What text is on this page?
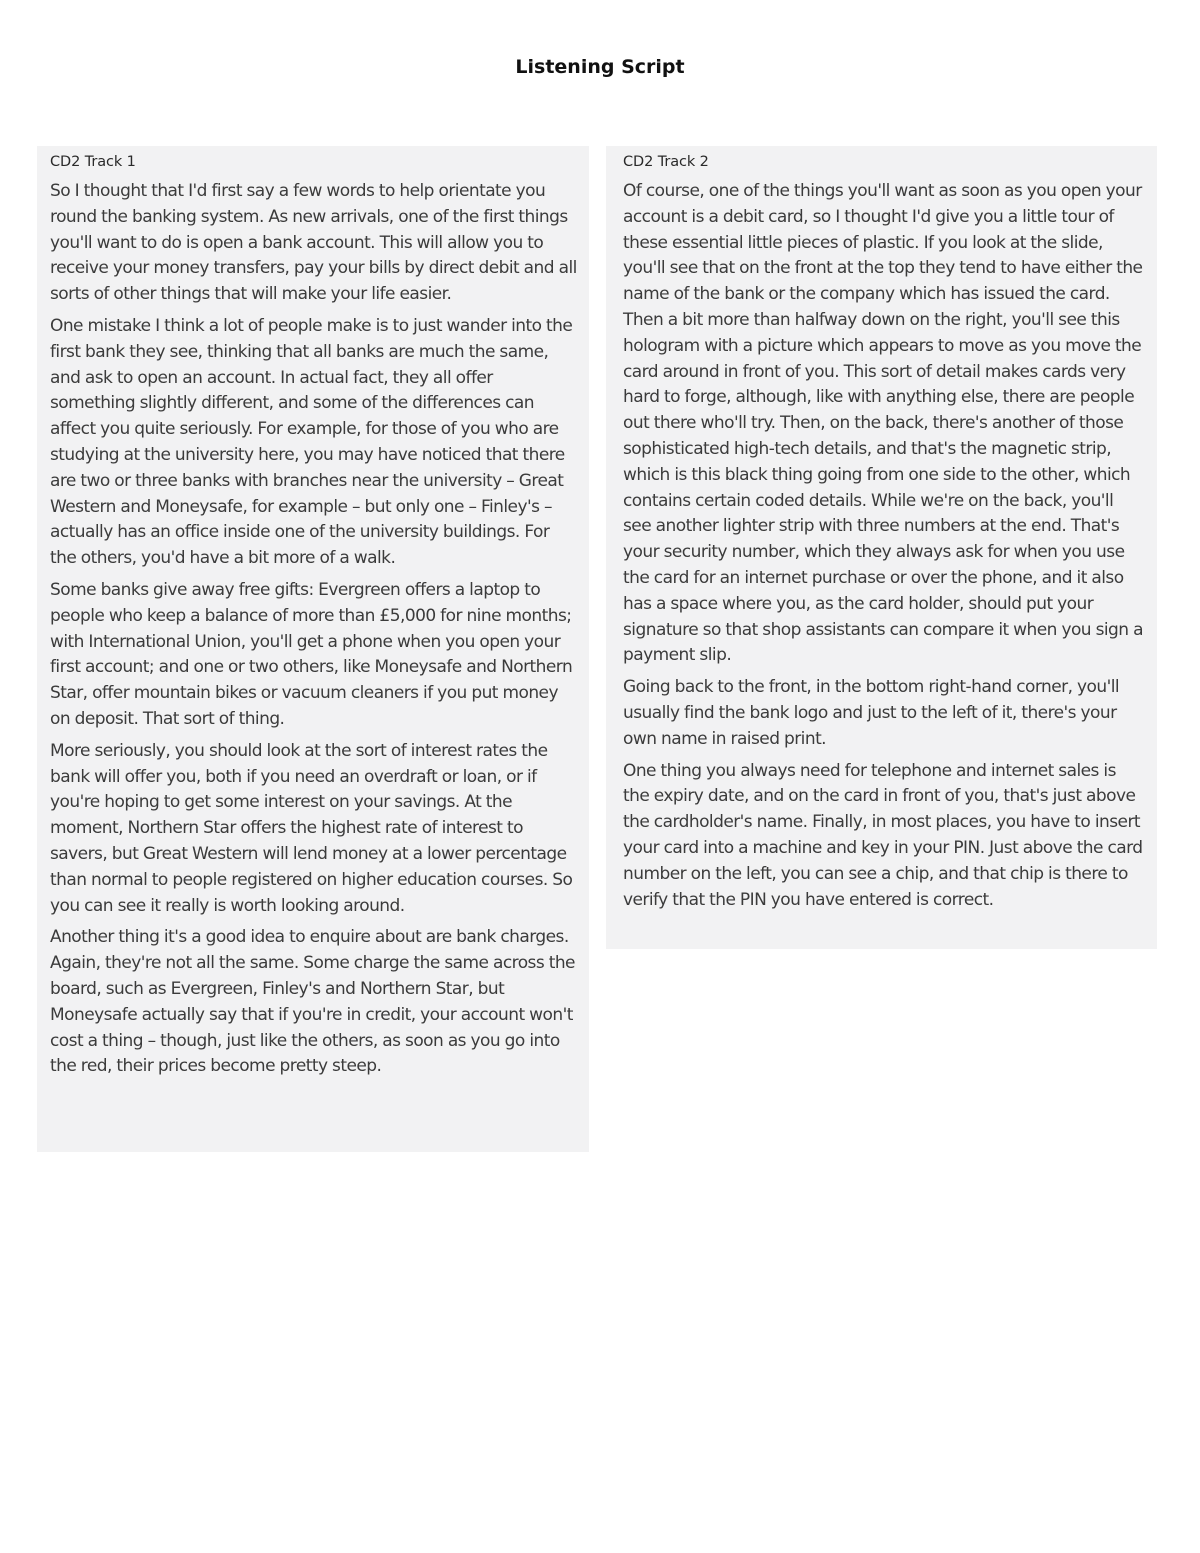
Listening Script
CD2 Track 1

So I thought that I'd first say a few words to help orientate you round the banking system. As new arrivals, one of the first things you'll want to do is open a bank account. This will allow you to receive your money transfers, pay your bills by direct debit and all sorts of other things that will make your life easier.

One mistake I think a lot of people make is to just wander into the first bank they see, thinking that all banks are much the same, and ask to open an account. In actual fact, they all offer something slightly different, and some of the differences can affect you quite seriously. For example, for those of you who are studying at the university here, you may have noticed that there are two or three banks with branches near the university – Great Western and Moneysafe, for example – but only one – Finley's – actually has an office inside one of the university buildings. For the others, you'd have a bit more of a walk.

Some banks give away free gifts: Evergreen offers a laptop to people who keep a balance of more than £5,000 for nine months; with International Union, you'll get a phone when you open your first account; and one or two others, like Moneysafe and Northern Star, offer mountain bikes or vacuum cleaners if you put money on deposit. That sort of thing.

More seriously, you should look at the sort of interest rates the bank will offer you, both if you need an overdraft or loan, or if you're hoping to get some interest on your savings. At the moment, Northern Star offers the highest rate of interest to savers, but Great Western will lend money at a lower percentage than normal to people registered on higher education courses. So you can see it really is worth looking around.

Another thing it's a good idea to enquire about are bank charges. Again, they're not all the same. Some charge the same across the board, such as Evergreen, Finley's and Northern Star, but Moneysafe actually say that if you're in credit, your account won't cost a thing – though, just like the others, as soon as you go into the red, their prices become pretty steep.

CD2 Track 2

Of course, one of the things you'll want as soon as you open your account is a debit card, so I thought I'd give you a little tour of these essential little pieces of plastic. If you look at the slide, you'll see that on the front at the top they tend to have either the name of the bank or the company which has issued the card. Then a bit more than halfway down on the right, you'll see this hologram with a picture which appears to move as you move the card around in front of you. This sort of detail makes cards very hard to forge, although, like with anything else, there are people out there who'll try. Then, on the back, there's another of those sophisticated high-tech details, and that's the magnetic strip, which is this black thing going from one side to the other, which contains certain coded details. While we're on the back, you'll see another lighter strip with three numbers at the end. That's your security number, which they always ask for when you use the card for an internet purchase or over the phone, and it also has a space where you, as the card holder, should put your signature so that shop assistants can compare it when you sign a payment slip.

Going back to the front, in the bottom right-hand corner, you'll usually find the bank logo and just to the left of it, there's your own name in raised print.

One thing you always need for telephone and internet sales is the expiry date, and on the card in front of you, that's just above the cardholder's name. Finally, in most places, you have to insert your card into a machine and key in your PIN. Just above the card number on the left, you can see a chip, and that chip is there to verify that the PIN you have entered is correct.
